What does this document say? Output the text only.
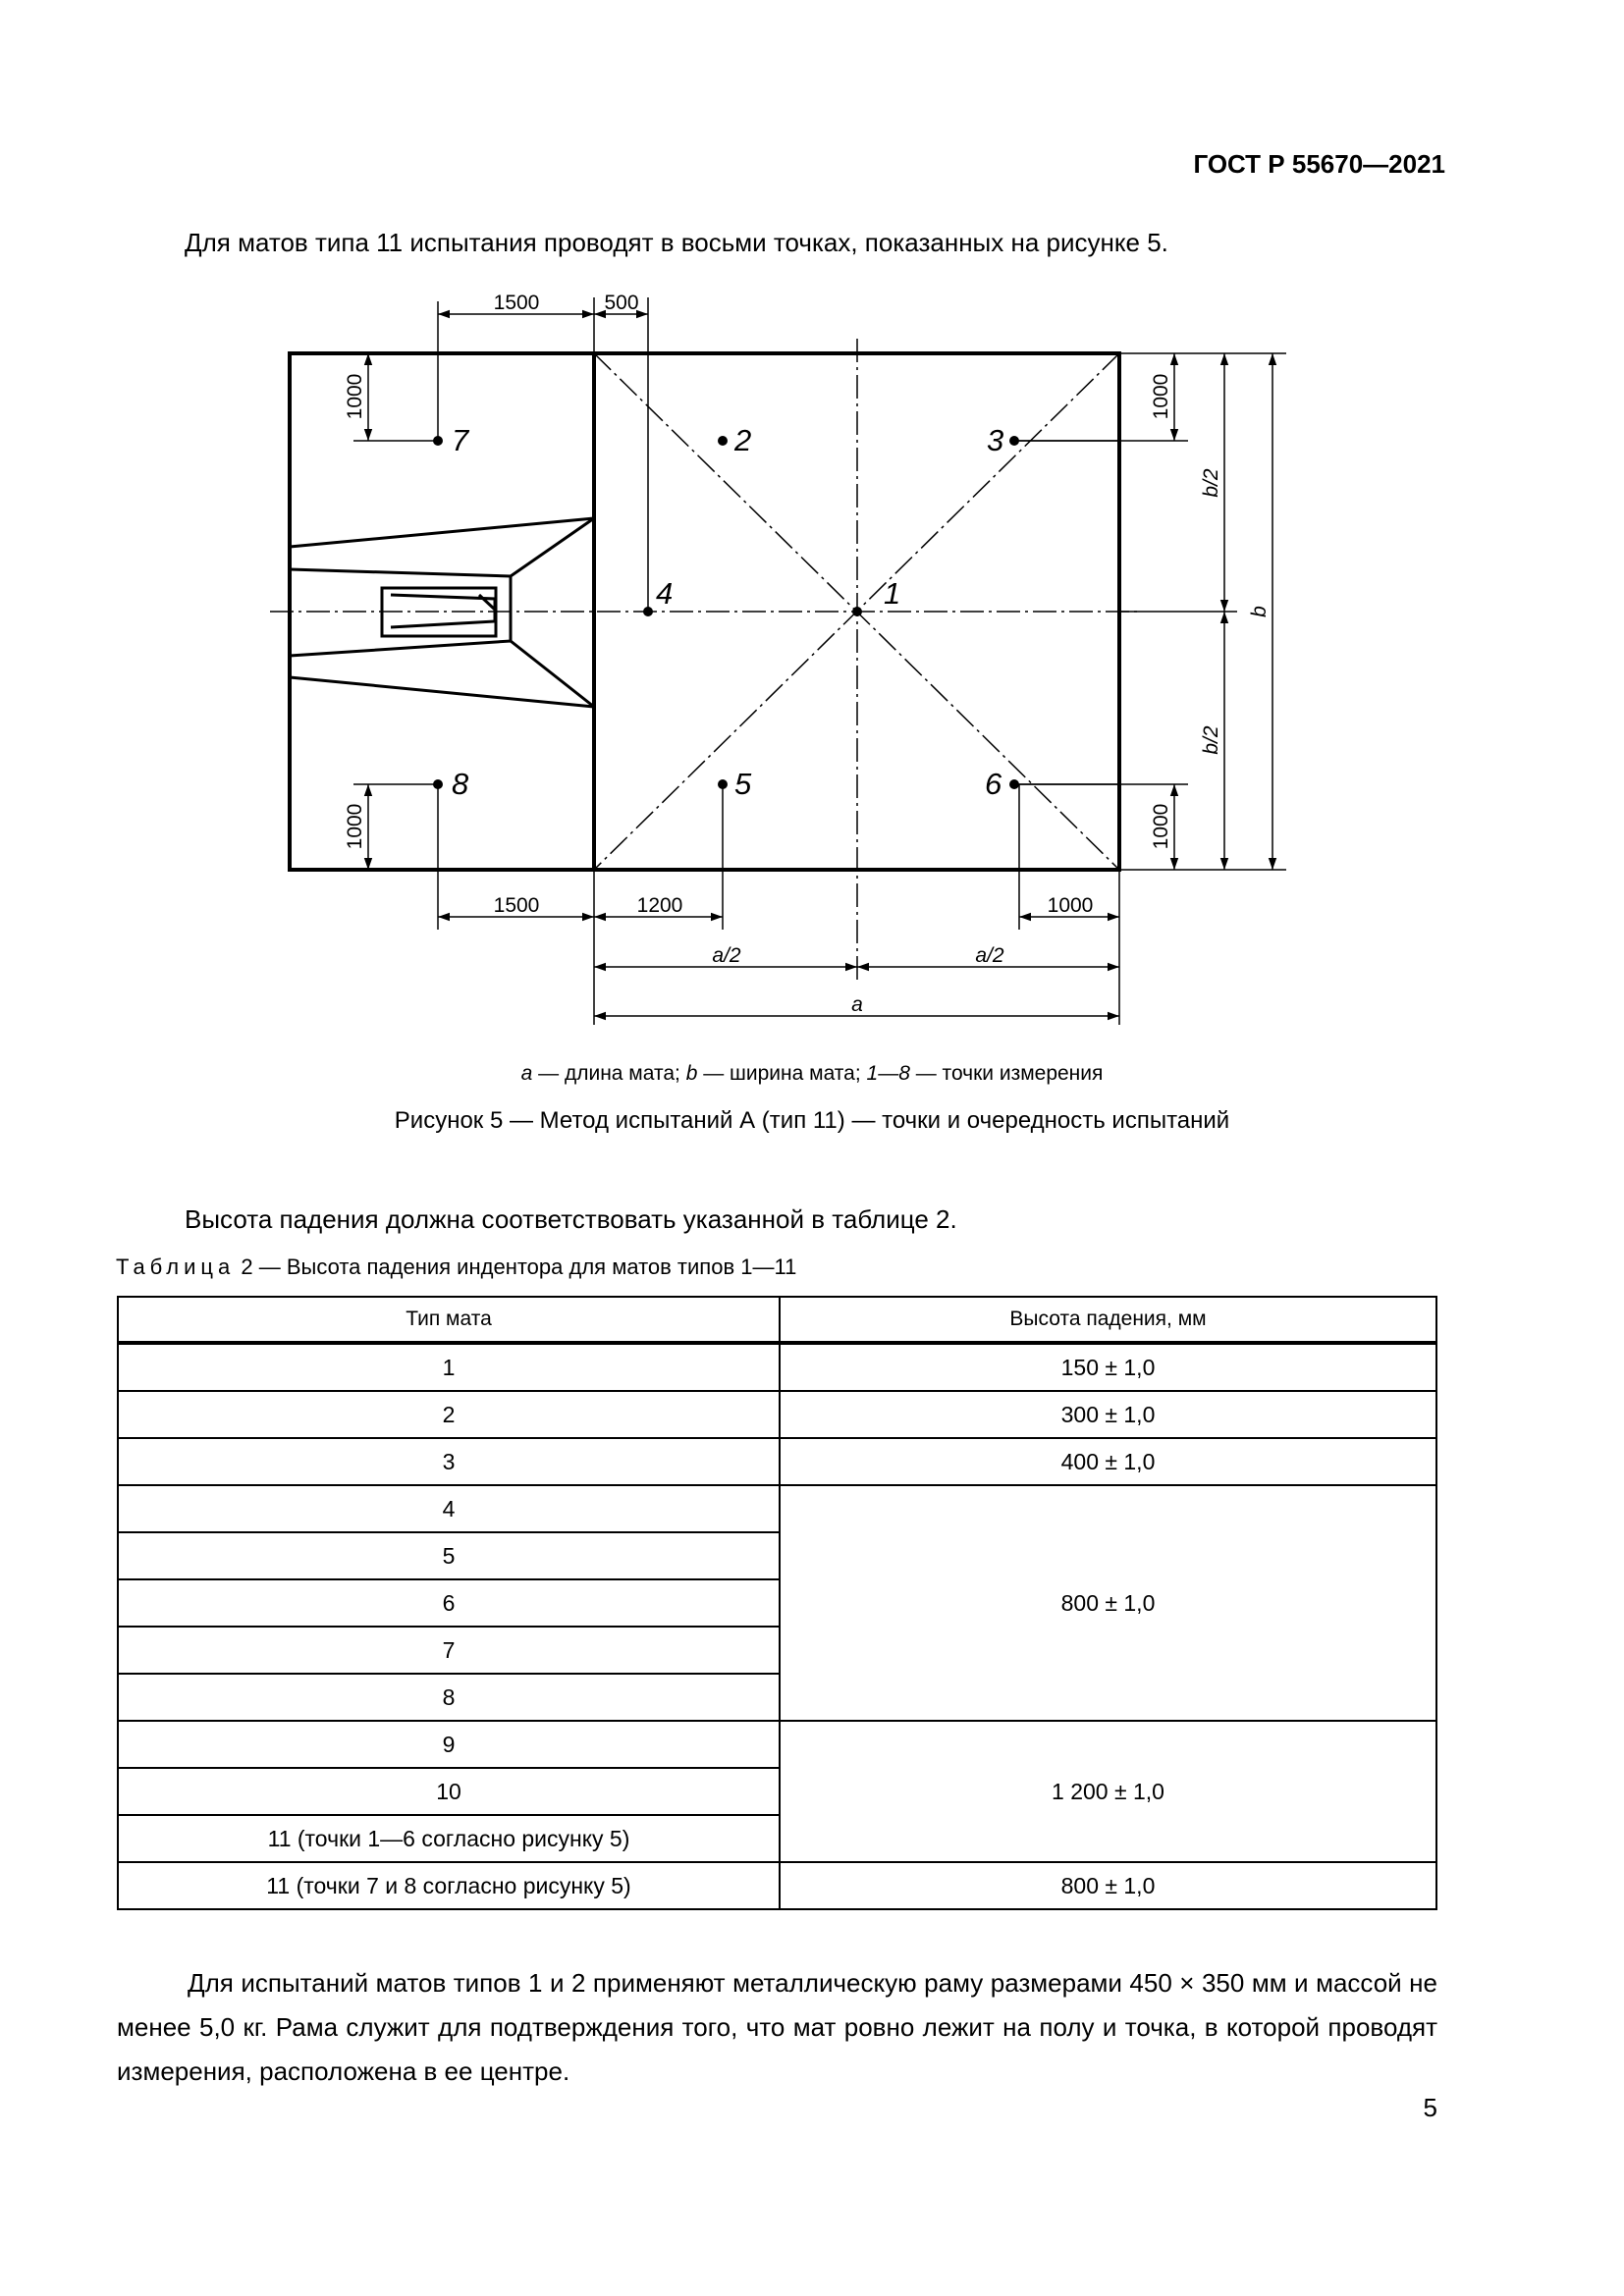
ГОСТ Р 55670—2021
Для матов типа 11 испытания проводят в восьми точках, показанных на рисунке 5.
1
2	3
4
5	6
7
8
1500	500
1500	1200	1000
a/2	a/2
a
1000
1000
1000
1000
b/2
b/2
b
a — длина мата; b — ширина мата; 1—8 — точки измерения
Рисунок 5 — Метод испытаний А (тип 11) — точки и очередность испытаний
Высота падения должна соответствовать указанной в таблице 2.
Таблица 2 — Высота падения индентора для матов типов 1—11
Тип мата	Высота падения, мм
1	150 ± 1,0
2	300 ± 1,0
3	400 ± 1,0
4	800 ± 1,0
5	
6	
7	
8	
9	1 200 ± 1,0
10	
11 (точки 1—6 согласно рисунку 5)	
11 (точки 7 и 8 согласно рисунку 5)	800 ± 1,0
Для испытаний матов типов 1 и 2 применяют металлическую раму размерами 450 × 350 мм и массой не менее 5,0 кг. Рама служит для подтверждения того, что мат ровно лежит на полу и точка, в которой проводят измерения, расположена в ее центре.
5
